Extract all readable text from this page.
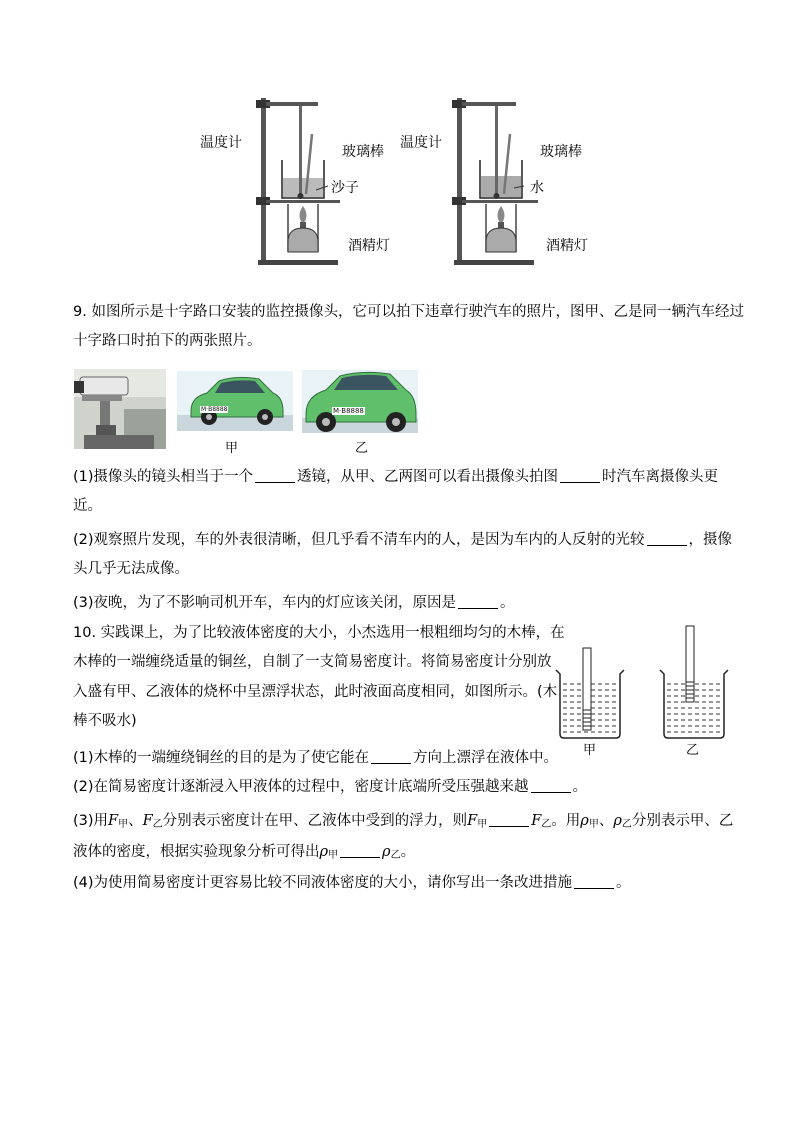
温度计
玻璃棒
沙子
酒精灯
温度计
玻璃棒
水
酒精灯
9. 如图所示是十字路口安装的监控摄像头，它可以拍下违章行驶汽车的照片，图甲、乙是同一辆汽车经过
十字路口时拍下的两张照片。
M·B8888
甲
M·B8888
乙
(1)摄像头的镜头相当于一个	透镜，从甲、乙两图可以看出摄像头拍图	时汽车离摄像头更
近。
(2)观察照片发现，车的外表很清晰，但几乎看不清车内的人，是因为车内的人反射的光较	，摄像
头几乎无法成像。
(3)夜晚，为了不影响司机开车，车内的灯应该关闭，原因是	。
10. 实践课上，为了比较液体密度的大小，小杰选用一根粗细均匀的木棒，在
木棒的一端缠绕适量的铜丝，自制了一支简易密度计。将简易密度计分别放
入盛有甲、乙液体的烧杯中呈漂浮状态，此时液面高度相同，如图所示。(木
棒不吸水)
甲	乙
(1)木棒的一端缠绕铜丝的目的是为了使它能在	方向上漂浮在液体中。
(2)在简易密度计逐渐浸入甲液体的过程中，密度计底端所受压强越来越	。
(3)用$F_甲$、$F_乙$分别表示密度计在甲、乙液体中受到的浮力，则$F_甲$	$F_乙$。用$\rho_甲$、$\rho_乙$分别表示甲、乙
液体的密度，根据实验现象分析可得出$\rho_甲$	$\rho_乙$。
(4)为使用简易密度计更容易比较不同液体密度的大小，请你写出一条改进措施	。
